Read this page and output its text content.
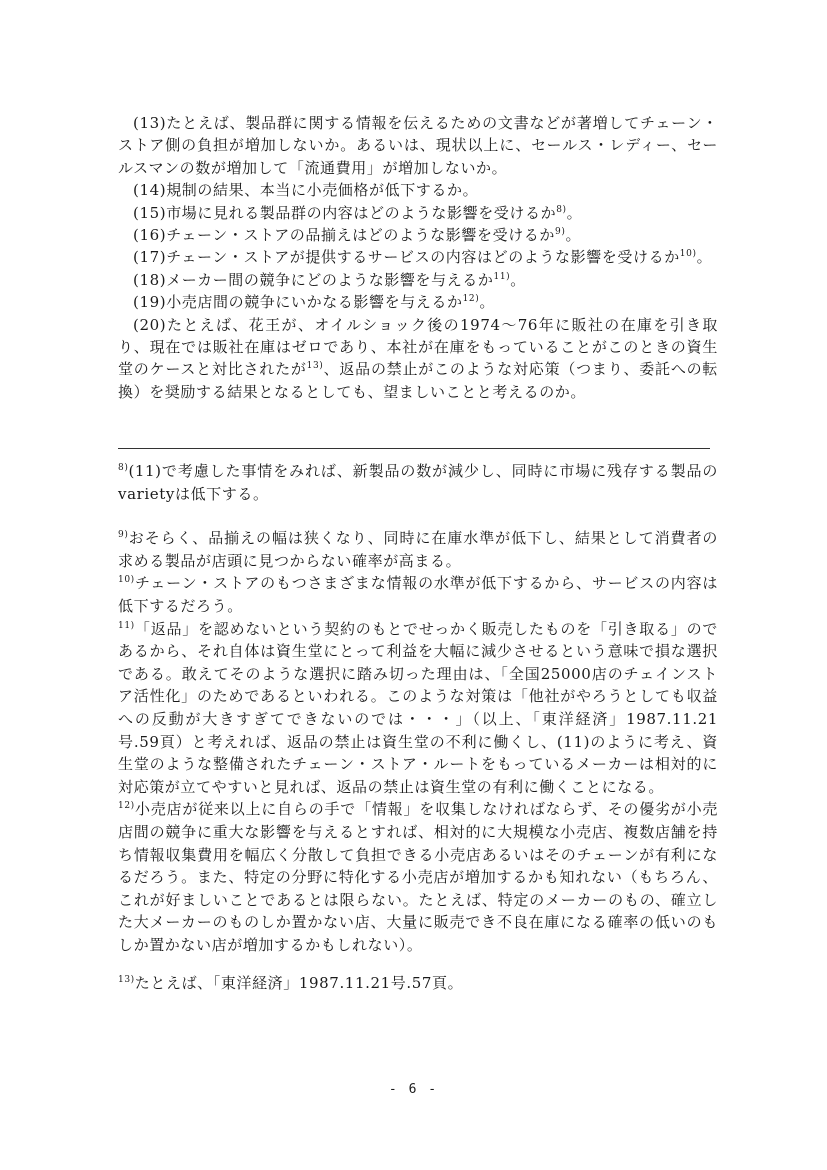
(13)たとえば、製品群に関する情報を伝えるための文書などが著増してチェーン・ストア側の負担が増加しないか。あるいは、現状以上に、セールス・レディー、セールスマンの数が増加して「流通費用」が増加しないか。

(14)規制の結果、本当に小売価格が低下するか。

(15)市場に見れる製品群の内容はどのような影響を受けるか$^{8)}$。

(16)チェーン・ストアの品揃えはどのような影響を受けるか$^{9)}$。

(17)チェーン・ストアが提供するサービスの内容はどのような影響を受けるか$^{10)}$。

(18)メーカー間の競争にどのような影響を与えるか$^{11)}$。

(19)小売店間の競争にいかなる影響を与えるか$^{12)}$。

(20)たとえば、花王が、オイルショック後の1974～76年に販社の在庫を引き取り、現在では販社在庫はゼロであり、本社が在庫をもっていることがこのときの資生堂のケースと対比されたが$^{13)}$、返品の禁止がこのような対応策（つまり、委託への転換）を奨励する結果となるとしても、望ましいことと考えるのか。

$^{8)}$(11)で考慮した事情をみれば、新製品の数が減少し、同時に市場に残存する製品のvarietyは低下する。

$^{9)}$おそらく、品揃えの幅は狭くなり、同時に在庫水準が低下し、結果として消費者の求める製品が店頭に見つからない確率が高まる。

$^{10)}$チェーン・ストアのもつさまざまな情報の水準が低下するから、サービスの内容は低下するだろう。

$^{11)}$「返品」を認めないという契約のもとでせっかく販売したものを「引き取る」のであるから、それ自体は資生堂にとって利益を大幅に減少させるという意味で損な選択である。敢えてそのような選択に踏み切った理由は、「全国25000店のチェインストア活性化」のためであるといわれる。このような対策は「他社がやろうとしても収益への反動が大きすぎてできないのでは・・・」（以上、「東洋経済」1987.11.21号.59頁）と考えれば、返品の禁止は資生堂の不利に働くし、(11)のように考え、資生堂のような整備されたチェーン・ストア・ルートをもっているメーカーは相対的に対応策が立てやすいと見れば、返品の禁止は資生堂の有利に働くことになる。

$^{12)}$小売店が従来以上に自らの手で「情報」を収集しなければならず、その優劣が小売店間の競争に重大な影響を与えるとすれば、相対的に大規模な小売店、複数店舗を持ち情報収集費用を幅広く分散して負担できる小売店あるいはそのチェーンが有利になるだろう。また、特定の分野に特化する小売店が増加するかも知れない（もちろん、これが好ましいことであるとは限らない。たとえば、特定のメーカーのもの、確立した大メーカーのものしか置かない店、大量に販売でき不良在庫になる確率の低いのもしか置かない店が増加するかもしれない）。

$^{13)}$たとえば、「東洋経済」1987.11.21号.57頁。

- 6 -
